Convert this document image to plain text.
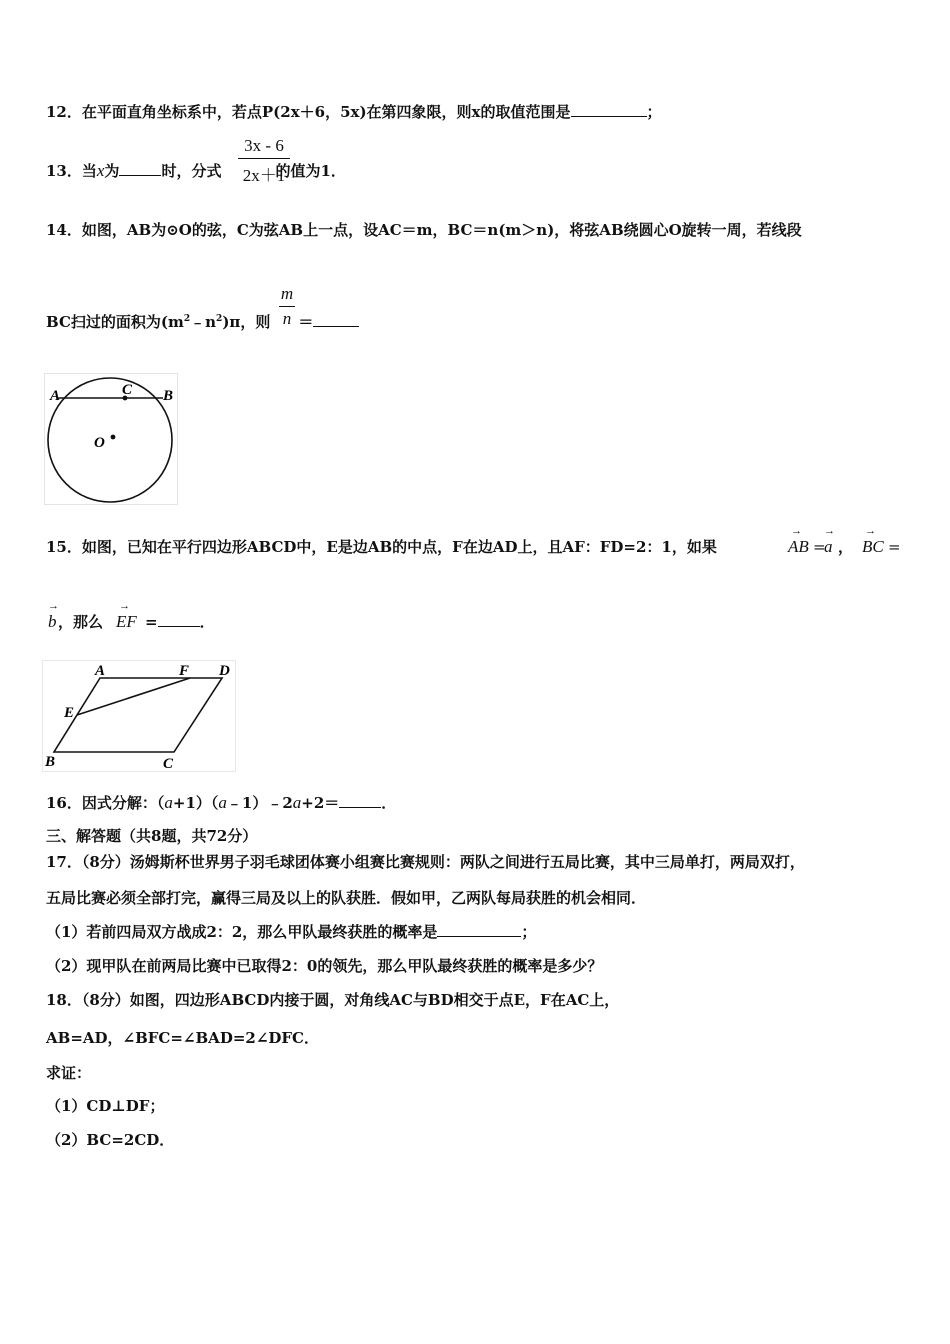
12．在平面直角坐标系中，若点P(2x＋6，5x)在第四象限，则x的取值范围是	；
13．当x为	时，分式	的值为1．
3x - 6
2x＋1
14．如图，AB为⊙O的弦，C为弦AB上一点，设AC＝m，BC＝n(m＞n)，将弦AB绕圆心O旋转一周，若线段
BC扫过的面积为$(m^2﹣n^2)\pi$，则 ＝
m
n
A	B
C
O
15．如图，已知在平行四边形ABCD中，E是边AB的中点，F在边AD上，且AF：FD=2：1，如果
→
AB =
→
a ，
→
BC =
→
b ，那么
→
EF =	．
A	F D
E
B	C
16．因式分解：（a+1）（a﹣1）﹣2a+2＝	．
三、解答题（共8题，共72分）
17．（8分）汤姆斯杯世界男子羽毛球团体赛小组赛比赛规则：两队之间进行五局比赛，其中三局单打，两局双打，
五局比赛必须全部打完，赢得三局及以上的队获胜．假如甲，乙两队每局获胜的机会相同．
（1）若前四局双方战成2：2，那么甲队最终获胜的概率是	；
（2）现甲队在前两局比赛中已取得2：0的领先，那么甲队最终获胜的概率是多少？
18．（8分）如图，四边形ABCD内接于圆，对角线AC与BD相交于点E，F在AC上，
AB=AD，∠BFC=∠BAD=2∠DFC．
求证：
（1）CD⊥DF；
（2）BC=2CD．
